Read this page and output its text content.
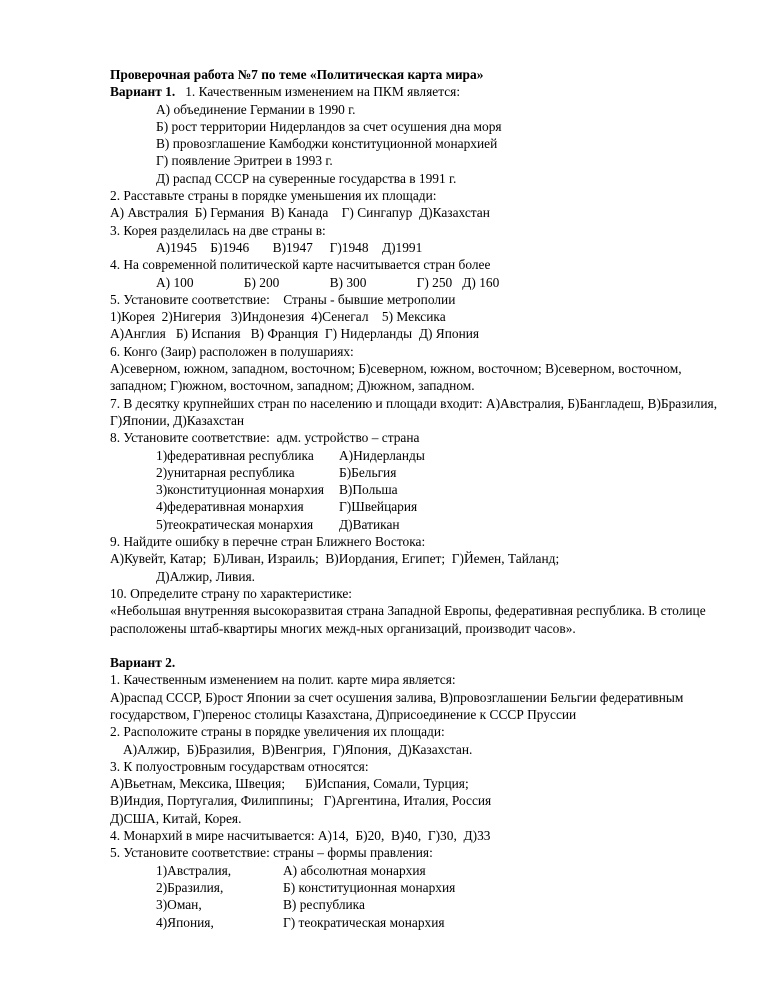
Проверочная работа №7 по теме «Политическая карта мира»
Вариант 1.   1. Качественным изменением на ПКМ является:
А) объединение Германии в 1990 г.
Б) рост территории Нидерландов за счет осушения дна моря
В) провозглашение Камбоджи конституционной монархией
Г) появление Эритреи в 1993 г.
Д) распад СССР на суверенные государства в 1991 г.
2. Расставьте страны в порядке уменьшения их площади:
А) Австралия  Б) Германия  В) Канада    Г) Сингапур  Д)Казахстан
3. Корея разделилась на две страны в:
А)1945    Б)1946       В)1947     Г)1948    Д)1991
4. На современной политической карте насчитывается стран более
А) 100               Б) 200               В) 300               Г) 250   Д) 160
5. Установите соответствие:    Страны - бывшие метрополии
1)Корея  2)Нигерия   3)Индонезия  4)Сенегал    5) Мексика
А)Англия   Б) Испания   В) Франция  Г) Нидерланды  Д) Япония
6. Конго (Заир) расположен в полушариях:
А)северном, южном, западном, восточном; Б)северном, южном, восточном; В)северном, восточном, западном; Г)южном, восточном, западном; Д)южном, западном.
7. В десятку крупнейших стран по населению и площади входит: А)Австралия, Б)Бангладеш, В)Бразилия, Г)Японии, Д)Казахстан
8. Установите соответствие:  адм. устройство – страна
1)федеративная республика	А)Нидерланды
2)унитарная республика	Б)Бельгия
3)конституционная монархия	В)Польша
4)федеративная монархия	Г)Швейцария
5)теократическая монархия	Д)Ватикан
9. Найдите ошибку в перечне стран Ближнего Востока:
А)Кувейт, Катар;  Б)Ливан, Израиль;  В)Иордания, Египет;  Г)Йемен, Тайланд;
Д)Алжир, Ливия.
10. Определите страну по характеристике:
«Небольшая внутренняя высокоразвитая страна Западной Европы, федеративная республика. В столице расположены штаб-квартиры многих межд-ных организаций, производит часов».
Вариант 2.
1. Качественным изменением на полит. карте мира является:
А)распад СССР, Б)рост Японии за счет осушения залива, В)провозглашении Бельгии федеративным государством, Г)перенос столицы Казахстана, Д)присоединение к СССР Пруссии
2. Расположите страны в порядке увеличения их площади:
А)Алжир,  Б)Бразилия,  В)Венгрия,  Г)Япония,  Д)Казахстан.
3. К полуостровным государствам относятся:
А)Вьетнам, Мексика, Швеция;      Б)Испания, Сомали, Турция;
В)Индия, Португалия, Филиппины;   Г)Аргентина, Италия, Россия
Д)США, Китай, Корея.
4. Монархий в мире насчитывается: А)14,  Б)20,  В)40,  Г)30,  Д)33
5. Установите соответствие: страны – формы правления:
1)Австралия,	А) абсолютная монархия
2)Бразилия,	Б) конституционная монархия
3)Оман,	В) республика
4)Япония,	Г) теократическая монархия
